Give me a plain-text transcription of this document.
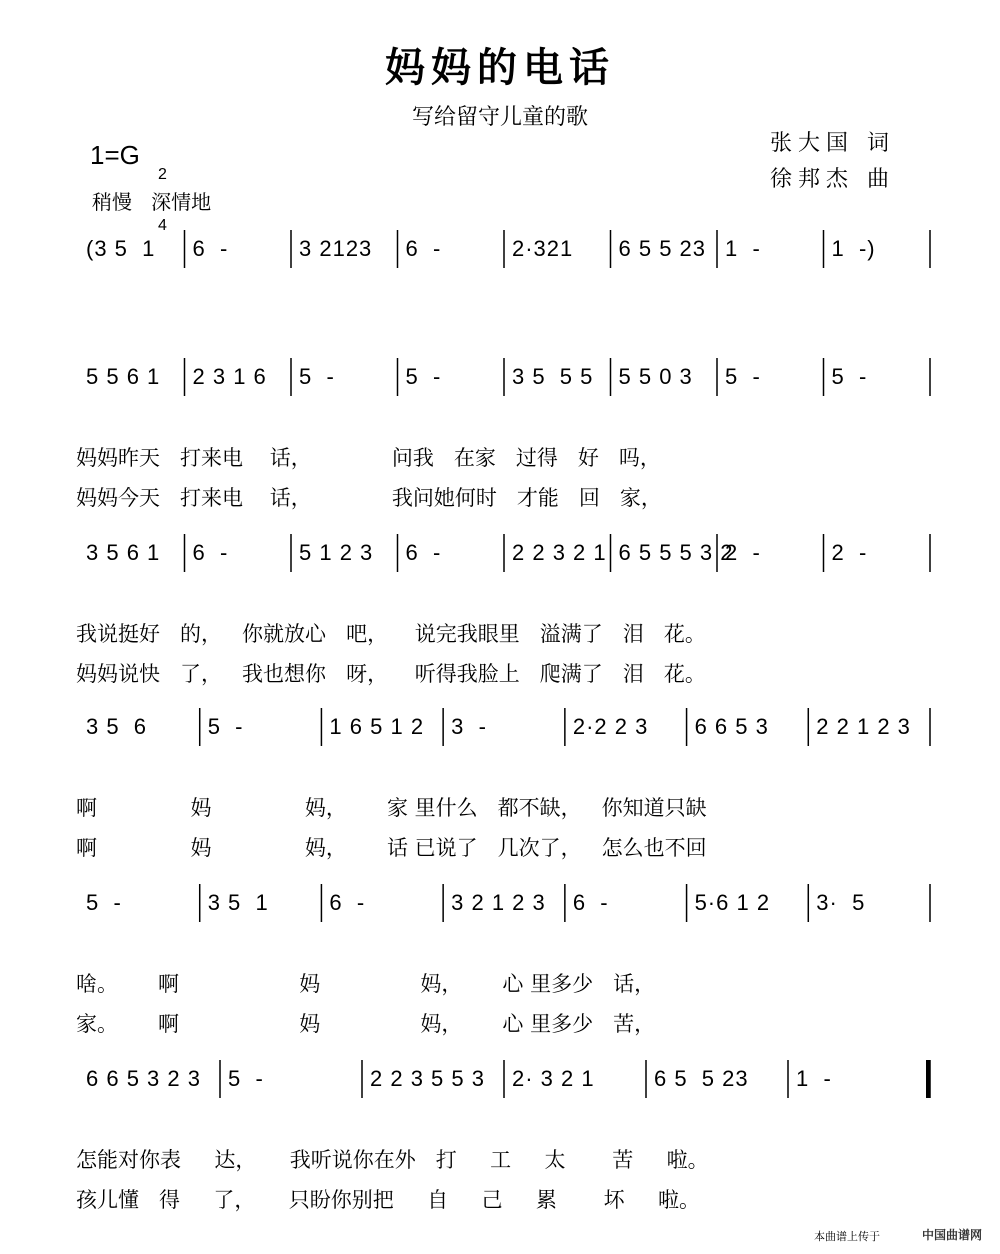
妈妈的电话
写给留守儿童的歌
张大国 词
徐邦杰 曲
1=G

2

4

稍慢   深情地
(3 5  1 6  -	3 2123 6  -	2·321 6 5 5 23 1  -	1  -)
5 5 6 1 2 3 1 6 5  -	5  -	3 5  5 5 5 5 0 3 5  -	5  -
妈妈昨天   打来电    话，            问我   在家   过得   好   吗，
妈妈今天   打来电    话，            我问她何时   才能   回   家，
3 5 6 1 6  -	5 1 2 3 6  -	2 2 3 2 1 6 5 5 5 3 2
2  -	2  -
我说挺好   的，   你就放心   吧，    说完我眼里   溢满了   泪   花。
妈妈说快   了，   我也想你   呀，    听得我脸上   爬满了   泪   花。
3 5  6	5  -	1 6 5 1 2 3  -	2·2 2 3 6 6 5 3 2 2 1 2 3
啊              妈              妈，      家 里什么   都不缺，   你知道只缺
啊              妈              妈，      话 已说了   几次了，   怎么也不回
5  -	3 5  1	6  -	3 2 1 2 3 6  -	5·6 1 2 3·  5
啥。      啊                  妈               妈，      心 里多少   话，
家。      啊                  妈               妈，      心 里多少   苦，
6 6 5 3 2 3 5  -	2 2 3 5 5 3 2· 3 2 1	6 5  5 23 1  -
怎能对你表     达，     我听说你在外   打     工     太       苦     啦。
孩儿懂   得     了，     只盼你别把     自     己     累       坏     啦。
本曲谱上传于	中国曲谱网
